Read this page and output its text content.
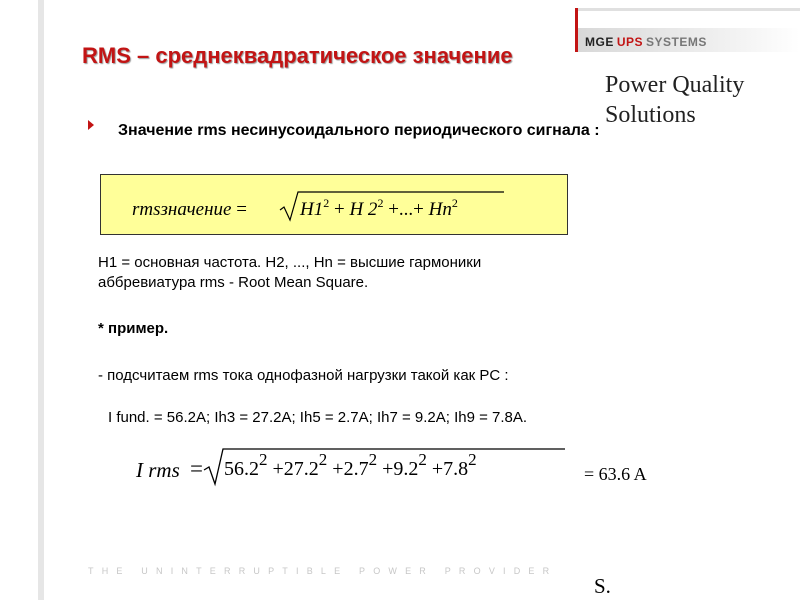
MGE UPS SYSTEMS
RMS – среднеквадратическое значение
Power Quality Solutions
Значение rms несинусоидального периодического сигнала :
rmsзначение =	$H1^2 + H$ $2^2$ +...+ $Hn^2$
H1 = основная частота. H2, ..., Hn = высшие гармоники
аббревиатура rms - Root Mean Square.
* пример.
- подсчитаем rms тока однофазной нагрузки такой как PC :
I fund. = 56.2A; Ih3 = 27.2A; Ih5 = 2.7A; Ih7 = 9.2A; Ih9 = 7.8A.
I rms = $56.2^2 +27.2^2 +2.7^2 +9.2^2 +7.8^2$
= 63.6 A
THE UNINTERRUPTIBLE POWER PROVIDER
S.
